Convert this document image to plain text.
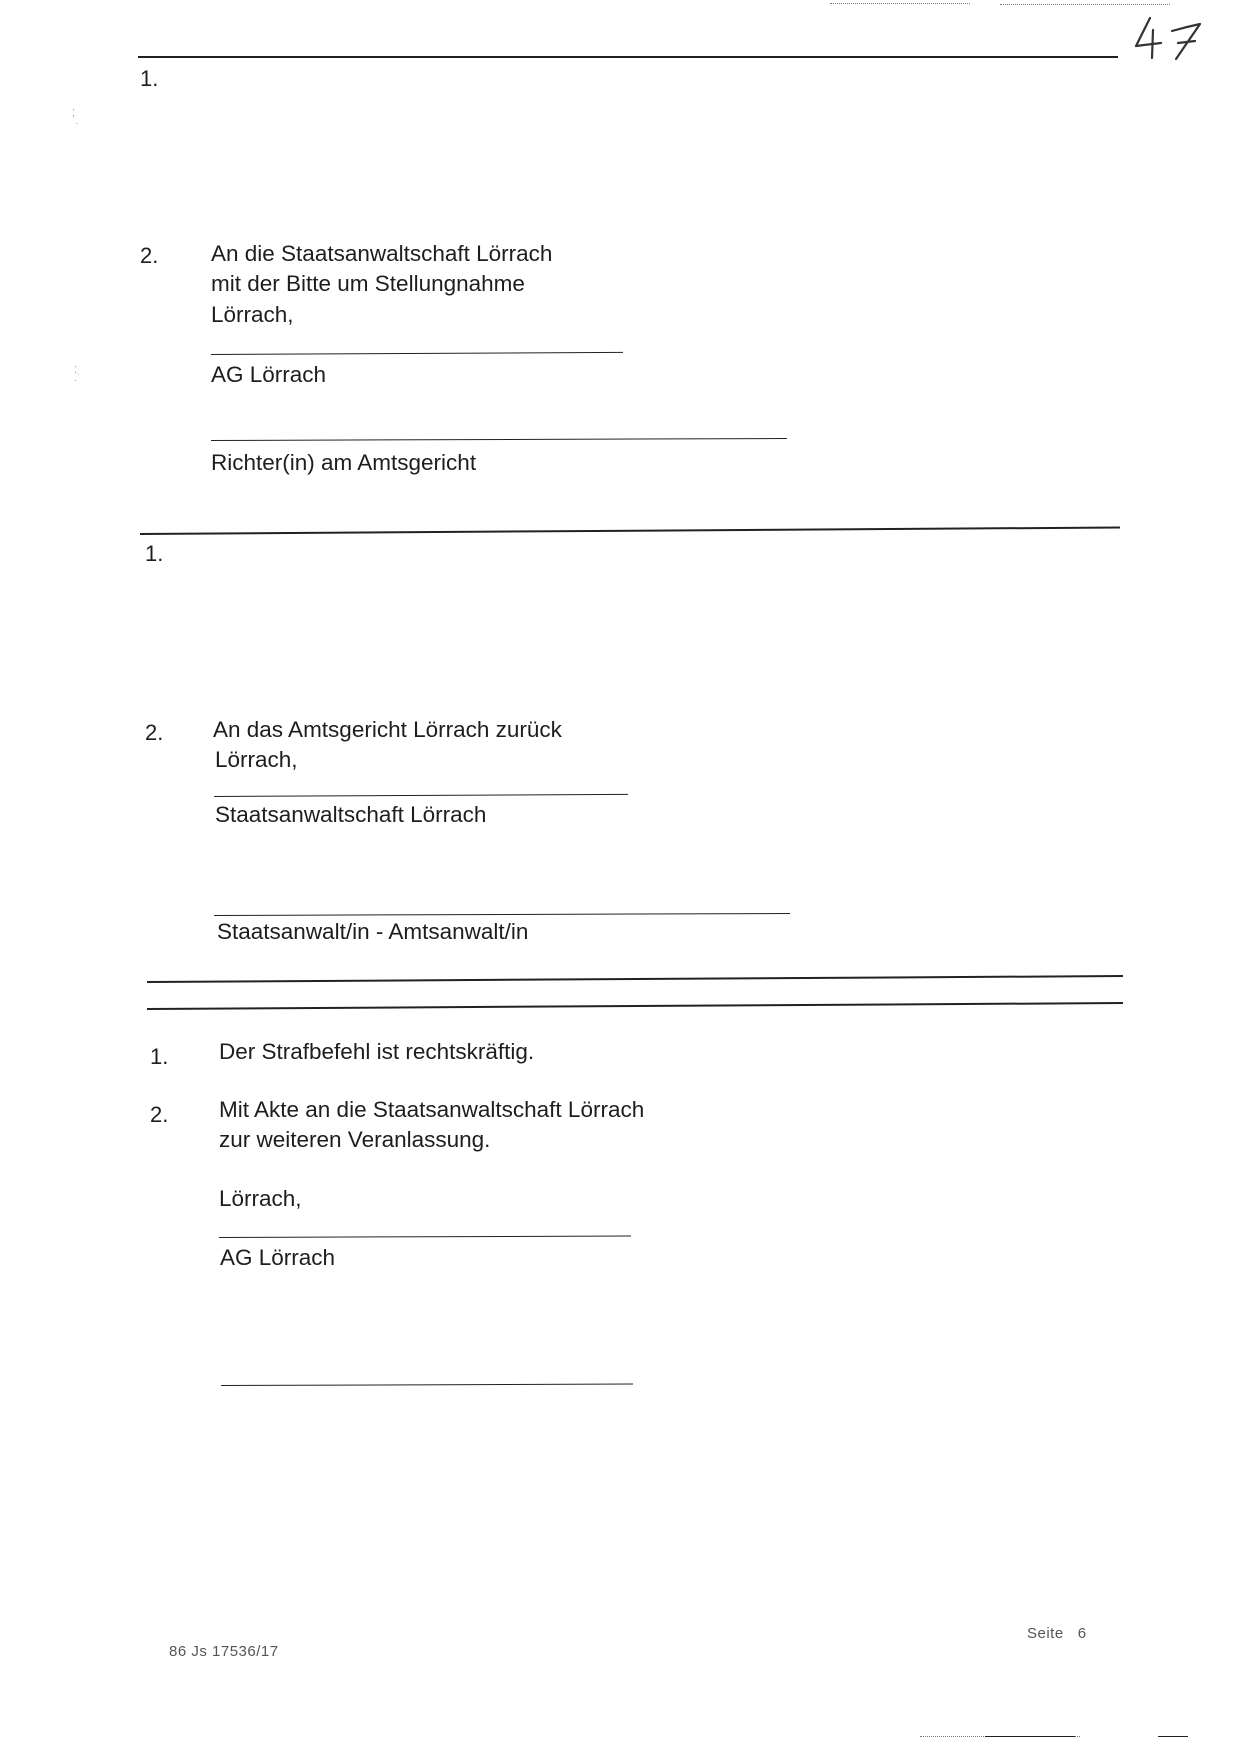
1.
⁚
˙.
2. An die Staatsanwaltschaft Lörrach
mit der Bitte um Stellungnahme
Lörrach,
⁚
.˙	AG Lörrach
Richter(in) am Amtsgericht
1.
2. An das Amtsgericht Lörrach zurück
Lörrach,
Staatsanwaltschaft Lörrach
Staatsanwalt/in - Amtsanwalt/in
1. Der Strafbefehl ist rechtskräftig.
2. Mit Akte an die Staatsanwaltschaft Lörrach
zur weiteren Veranlassung.
Lörrach,
AG Lörrach
86 Js 17536/17
Seite 6
